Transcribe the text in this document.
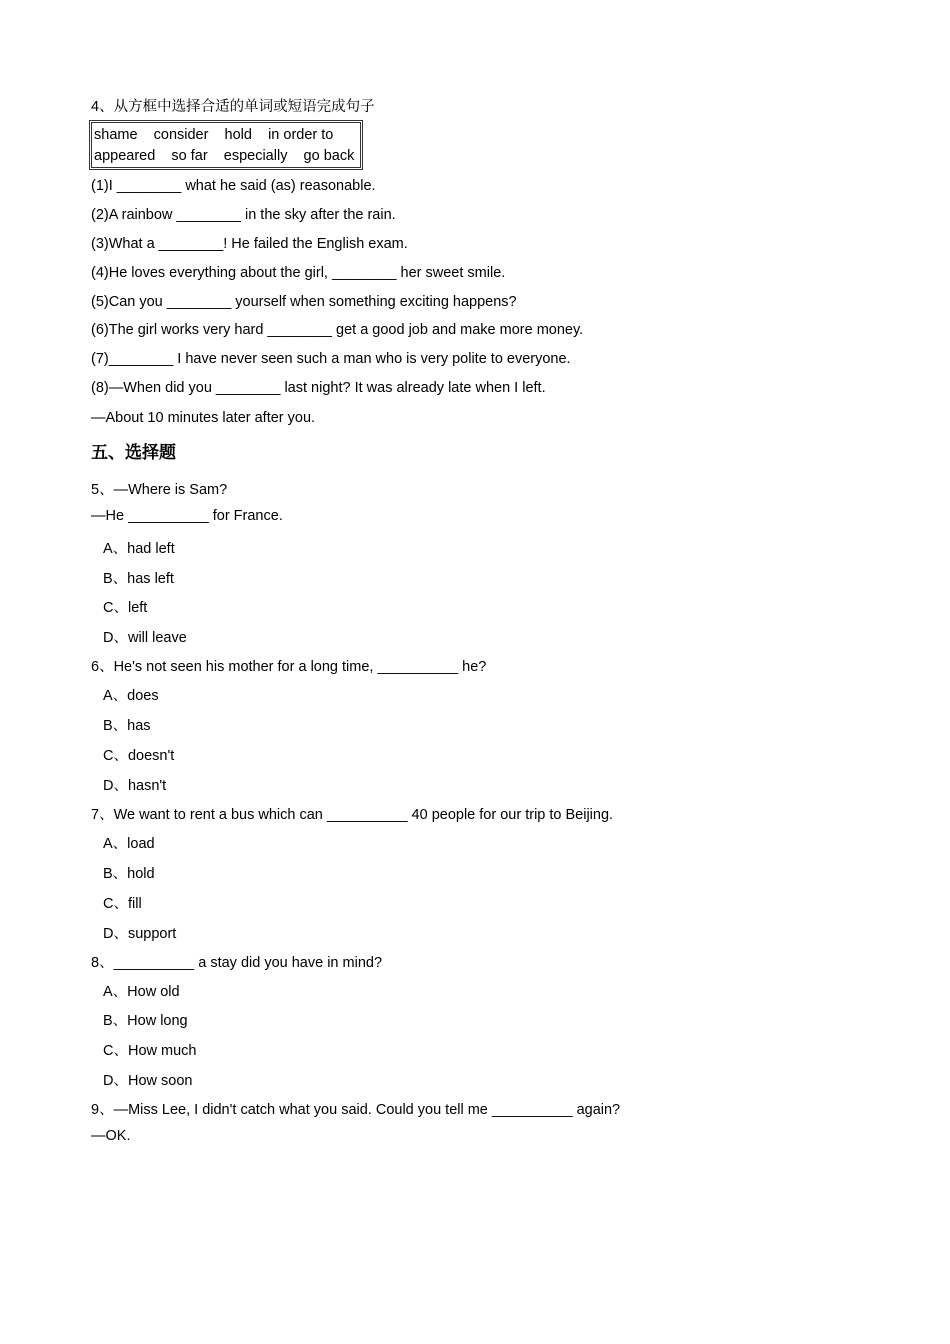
4、从方框中选择合适的单词或短语完成句子
shame    consider    hold    in order to
appeared    so far    especially    go back
五、选择题
(1)I ________ what he said (as) reasonable.
(2)A rainbow ________ in the sky after the rain.
(3)What a ________! He failed the English exam.
(4)He loves everything about the girl, ________ her sweet smile.
(5)Can you ________ yourself when something exciting happens?
(6)The girl works very hard ________ get a good job and make more money.
(7)________ I have never seen such a man who is very polite to everyone.
(8)—When did you ________ last night? It was already late when I left.
—About 10 minutes later after you.
5、—Where is Sam?
—He __________ for France.
A、had left
B、has left
C、left
D、will leave
6、He's not seen his mother for a long time, __________ he?
A、does
B、has
C、doesn't
D、hasn't
7、We want to rent a bus which can __________ 40 people for our trip to Beijing.
A、load
B、hold
C、fill
D、support
8、__________ a stay did you have in mind?
A、How old
B、How long
C、How much
D、How soon
9、—Miss Lee, I didn't catch what you said. Could you tell me __________ again?
—OK.
